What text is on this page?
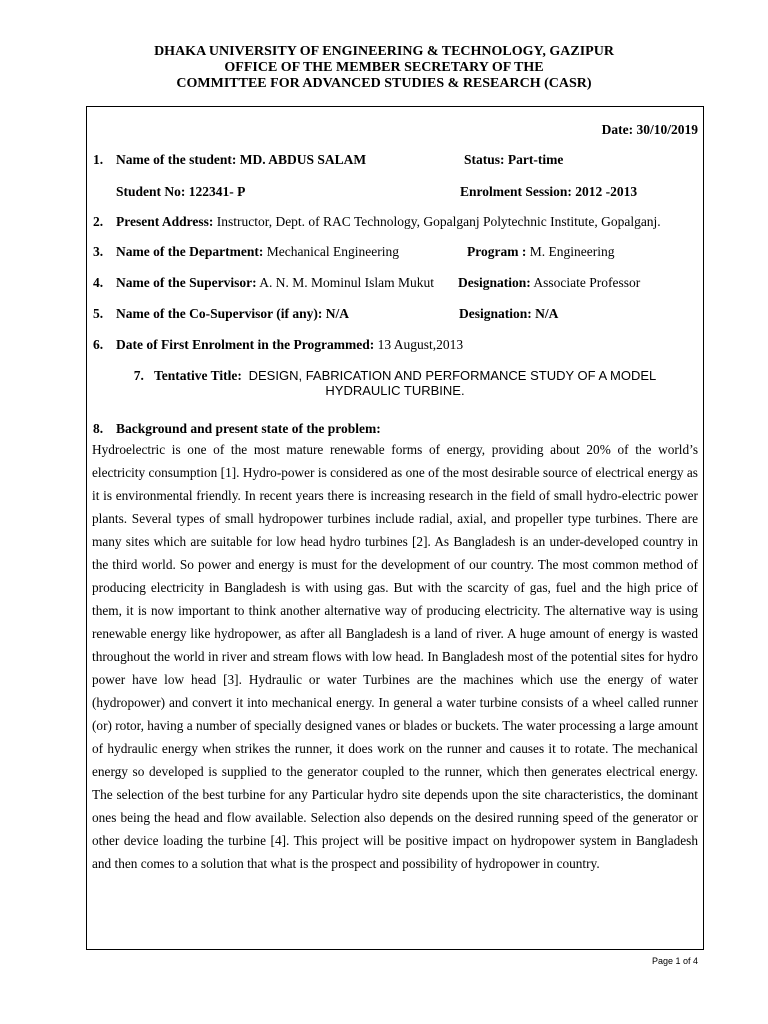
DHAKA UNIVERSITY OF ENGINEERING & TECHNOLOGY, GAZIPUR
OFFICE OF THE MEMBER SECRETARY OF THE
COMMITTEE FOR ADVANCED STUDIES & RESEARCH (CASR)
Date: 30/10/2019
1. Name of the student: MD. ABDUS SALAM	Status: Part-time
Student No: 122341- P	Enrolment Session: 2012 -2013
2. Present Address: Instructor, Dept. of RAC Technology, Gopalganj Polytechnic Institute, Gopalganj.
3. Name of the Department: Mechanical Engineering	Program : M. Engineering
4. Name of the Supervisor: A. N. M. Mominul Islam Mukut Designation: Associate Professor
5. Name of the Co-Supervisor (if any): N/A	Designation: N/A
6. Date of First Enrolment in the Programmed: 13 August,2013
7. Tentative Title: DESIGN, FABRICATION AND PERFORMANCE STUDY OF A MODEL HYDRAULIC TURBINE.
8. Background and present state of the problem:

Hydroelectric is one of the most mature renewable forms of energy, providing about 20% of the world’s electricity consumption [1]. Hydro-power is considered as one of the most desirable source of electrical energy as it is environmental friendly. In recent years there is increasing research in the field of small hydro-electric power plants. Several types of small hydropower turbines include radial, axial, and propeller type turbines. There are many sites which are suitable for low head hydro turbines [2]. As Bangladesh is an under-developed country in the third world. So power and energy is must for the development of our country. The most common method of producing electricity in Bangladesh is with using gas. But with the scarcity of gas, fuel and the high price of them, it is now important to think another alternative way of producing electricity. The alternative way is using renewable energy like hydropower, as after all Bangladesh is a land of river. A huge amount of energy is wasted throughout the world in river and stream flows with low head. In Bangladesh most of the potential sites for hydro power have low head [3]. Hydraulic or water Turbines are the machines which use the energy of water (hydropower) and convert it into mechanical energy. In general a water turbine consists of a wheel called runner (or) rotor, having a number of specially designed vanes or blades or buckets. The water processing a large amount of hydraulic energy when strikes the runner, it does work on the runner and causes it to rotate. The mechanical energy so developed is supplied to the generator coupled to the runner, which then generates electrical energy. The selection of the best turbine for any Particular hydro site depends upon the site characteristics, the dominant ones being the head and flow available. Selection also depends on the desired running speed of the generator or other device loading the turbine [4]. This project will be positive impact on hydropower system in Bangladesh and then comes to a solution that what is the prospect and possibility of hydropower in country.

Page 1 of 4
